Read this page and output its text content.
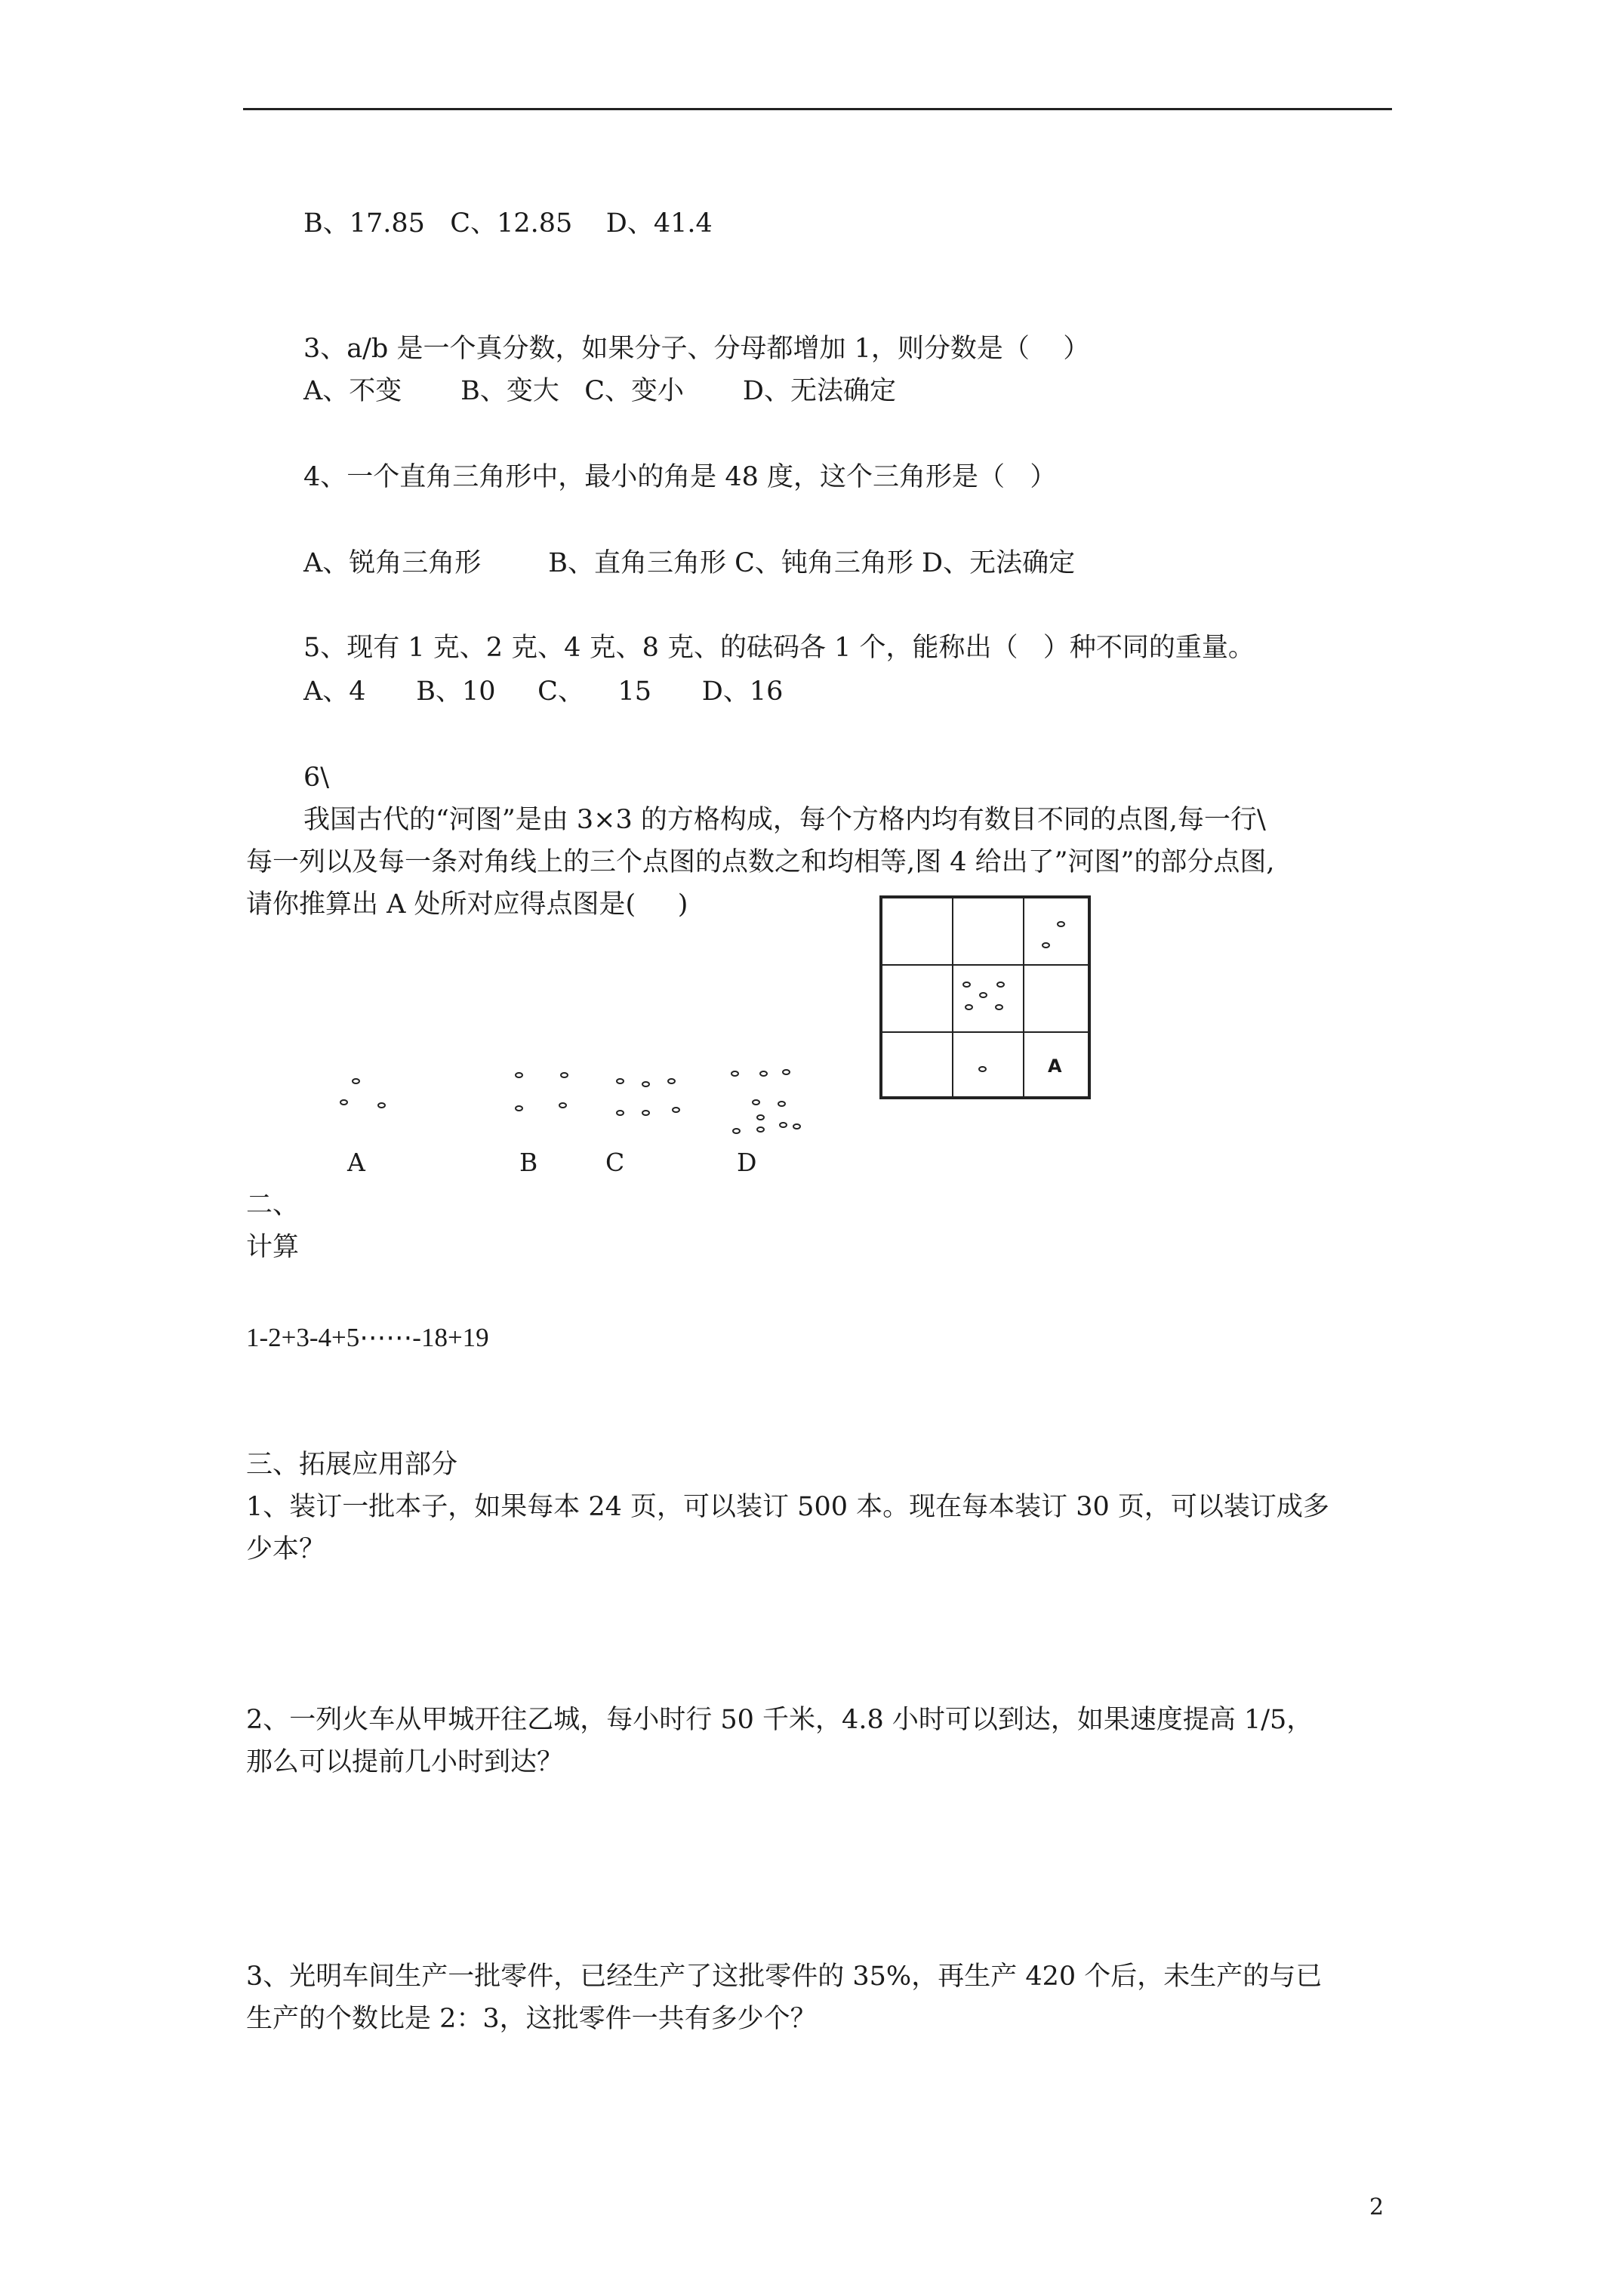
B、17.85   C、12.85    D、41.4
3、a/b 是一个真分数，如果分子、分母都增加 1，则分数是（    ）
A、不变       B、变大   C、变小       D、无法确定
4、一个直角三角形中，最小的角是 48 度，这个三角形是（   ）
A、锐角三角形        B、直角三角形 C、钝角三角形 D、无法确定
5、现有 1 克、2 克、4 克、8 克、的砝码各 1 个，能称出（   ）种不同的重量。
A、4      B、10     C、    15      D、16
6\
我国古代的“河图”是由 3×3 的方格构成，每个方格内均有数目不同的点图,每一行\
每一列以及每一条对角线上的三个点图的点数之和均相等,图 4 给出了”河图”的部分点图,
请你推算出 A 处所对应得点图是(     )
A
A	B	C	D
二、
计算
1-2+3-4+5⋯⋯-18+19
三、拓展应用部分
1、装订一批本子，如果每本 24 页，可以装订 500 本。现在每本装订 30 页，可以装订成多
少本？
2、一列火车从甲城开往乙城，每小时行 50 千米，4.8 小时可以到达，如果速度提高 1/5，
那么可以提前几小时到达？
3、光明车间生产一批零件，已经生产了这批零件的 35%，再生产 420 个后，未生产的与已
生产的个数比是 2：3，这批零件一共有多少个？
2
